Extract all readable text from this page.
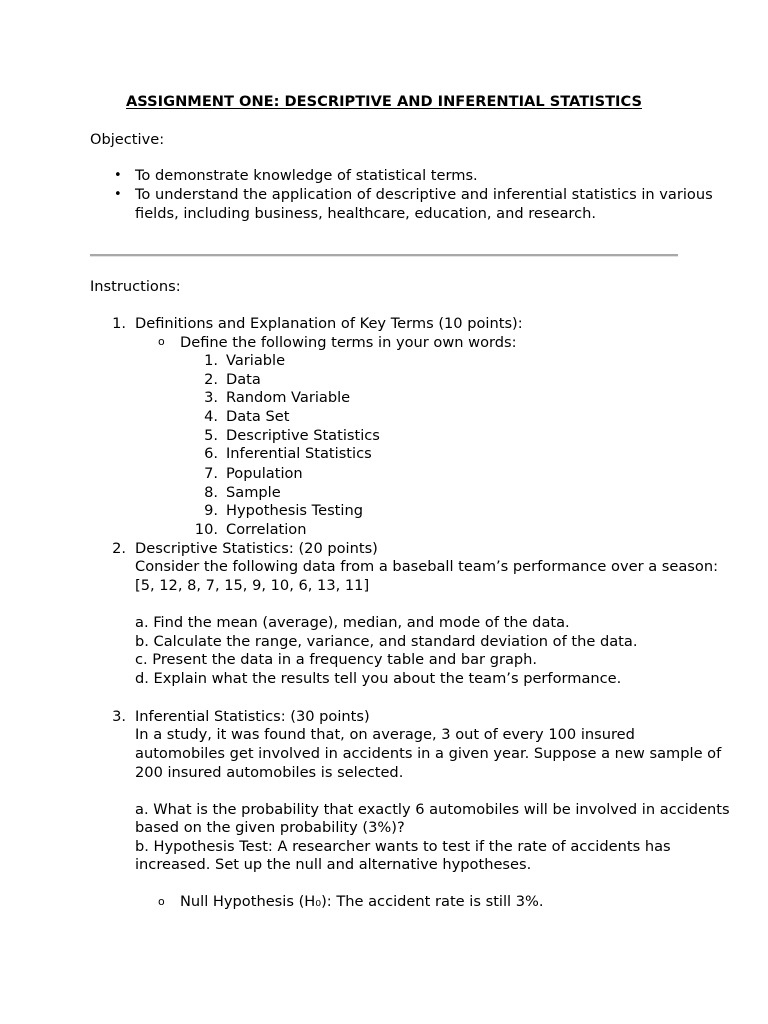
ASSIGNMENT ONE: DESCRIPTIVE AND INFERENTIAL STATISTICS
Objective:
• To demonstrate knowledge of statistical terms.
• To understand the application of descriptive and inferential statistics in various
fields, including business, healthcare, education, and research.
Instructions:
1. Definitions and Explanation of Key Terms (10 points):
o Define the following terms in your own words:
1. Variable
2. Data
3. Random Variable
4. Data Set
5. Descriptive Statistics
6. Inferential Statistics
7. Population
8. Sample
9. Hypothesis Testing
10. Correlation
2. Descriptive Statistics: (20 points)
Consider the following data from a baseball team’s performance over a season:
[5, 12, 8, 7, 15, 9, 10, 6, 13, 11]
a. Find the mean (average), median, and mode of the data.
b. Calculate the range, variance, and standard deviation of the data.
c. Present the data in a frequency table and bar graph.
d. Explain what the results tell you about the team’s performance.
3. Inferential Statistics: (30 points)
In a study, it was found that, on average, 3 out of every 100 insured
automobiles get involved in accidents in a given year. Suppose a new sample of
200 insured automobiles is selected.
a. What is the probability that exactly 6 automobiles will be involved in accidents
based on the given probability (3%)?
b. Hypothesis Test: A researcher wants to test if the rate of accidents has
increased. Set up the null and alternative hypotheses.
o Null Hypothesis (H₀): The accident rate is still 3%.
